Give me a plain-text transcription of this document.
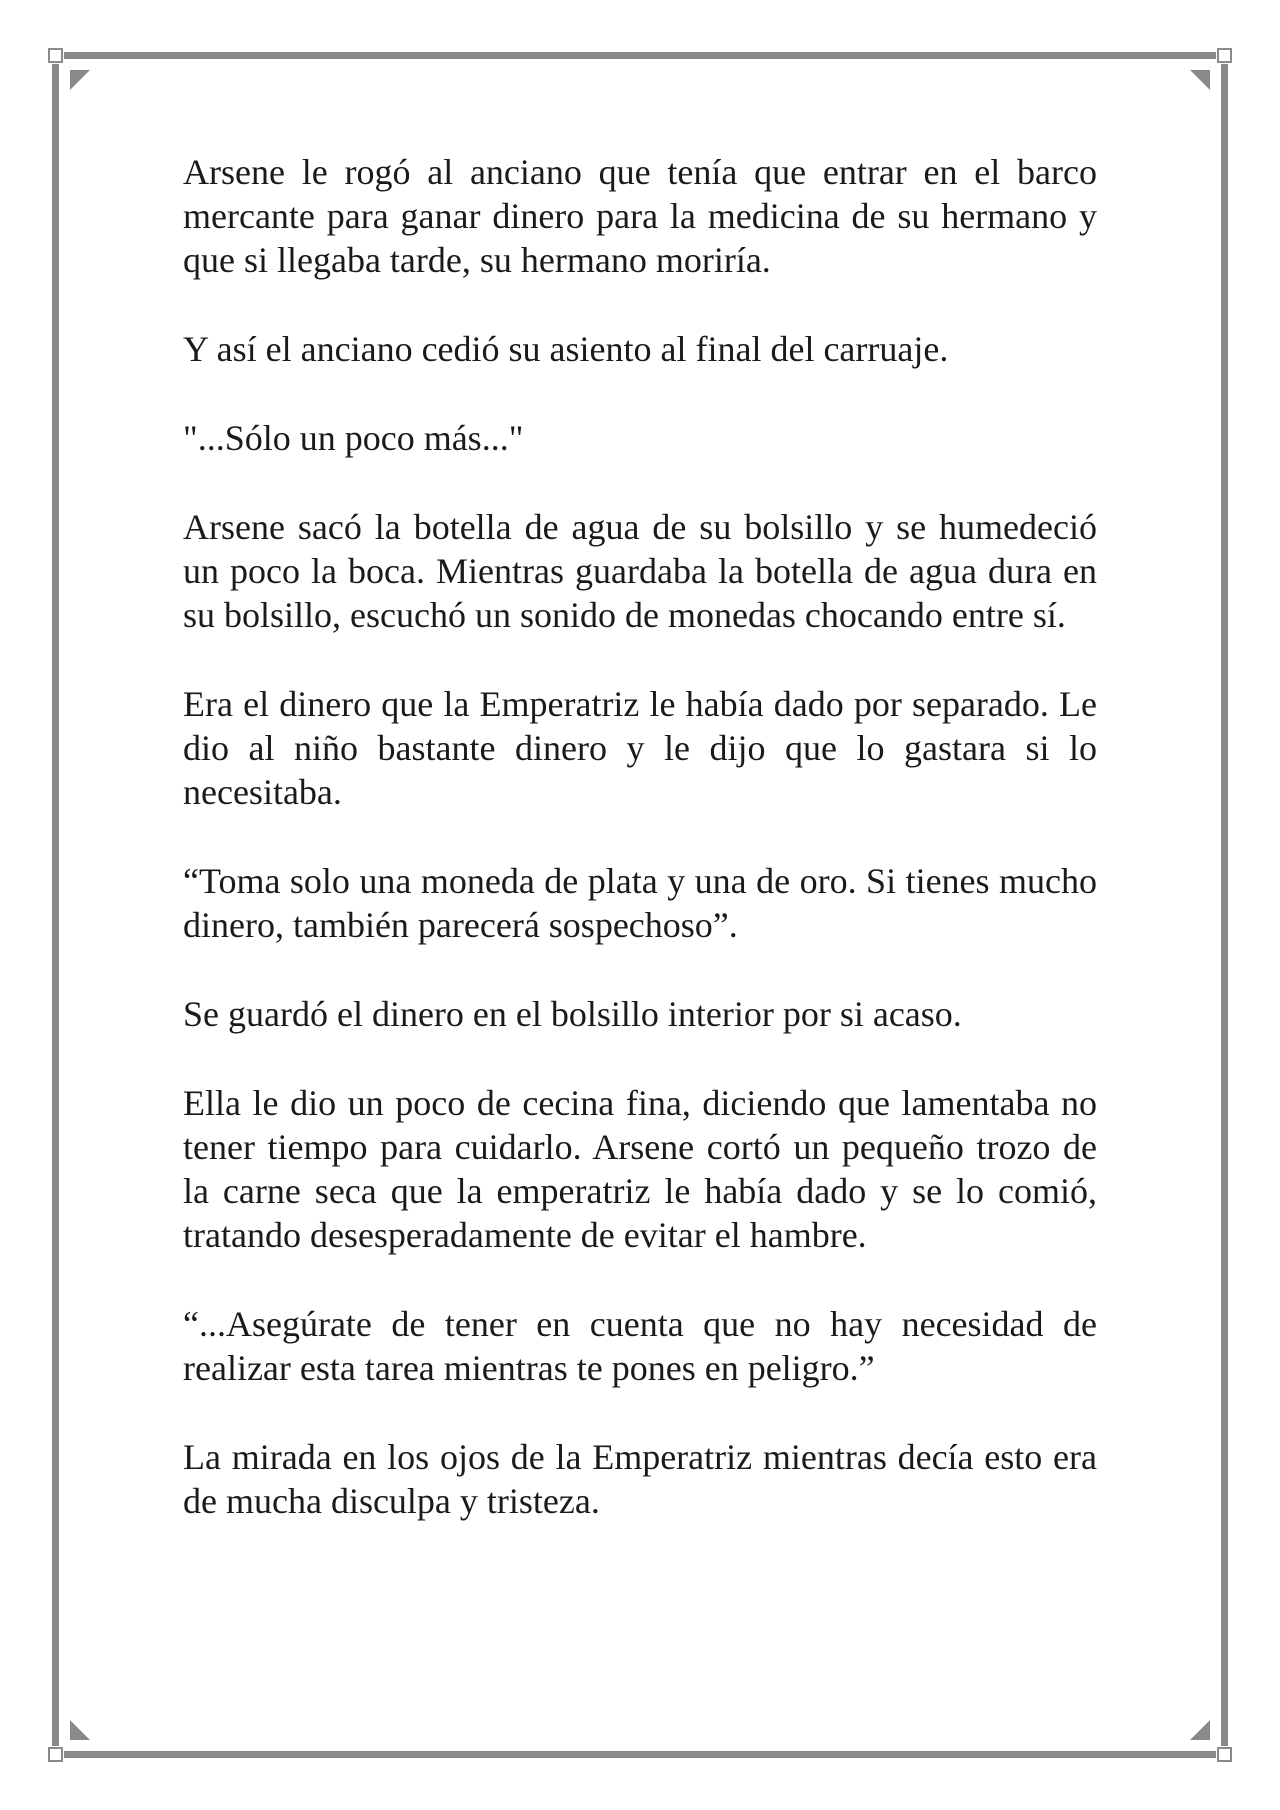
Arsene le rogó al anciano que tenía que entrar en el barco mercante para ganar dinero para la medicina de su hermano y que si llegaba tarde, su hermano moriría.

Y así el anciano cedió su asiento al final del carruaje.

"...Sólo un poco más..."

Arsene sacó la botella de agua de su bolsillo y se humedeció un poco la boca. Mientras guardaba la botella de agua dura en su bolsillo, escuchó un sonido de monedas chocando entre sí.

Era el dinero que la Emperatriz le había dado por separado. Le dio al niño bastante dinero y le dijo que lo gastara si lo necesitaba.

“Toma solo una moneda de plata y una de oro. Si tienes mucho dinero, también parecerá sospechoso”.

Se guardó el dinero en el bolsillo interior por si acaso.

Ella le dio un poco de cecina fina, diciendo que lamentaba no tener tiempo para cuidarlo. Arsene cortó un pequeño trozo de la carne seca que la emperatriz le había dado y se lo comió, tratando desesperadamente de evitar el hambre.

“...Asegúrate de tener en cuenta que no hay necesidad de realizar esta tarea mientras te pones en peligro.”

La mirada en los ojos de la Emperatriz mientras decía esto era de mucha disculpa y tristeza.
